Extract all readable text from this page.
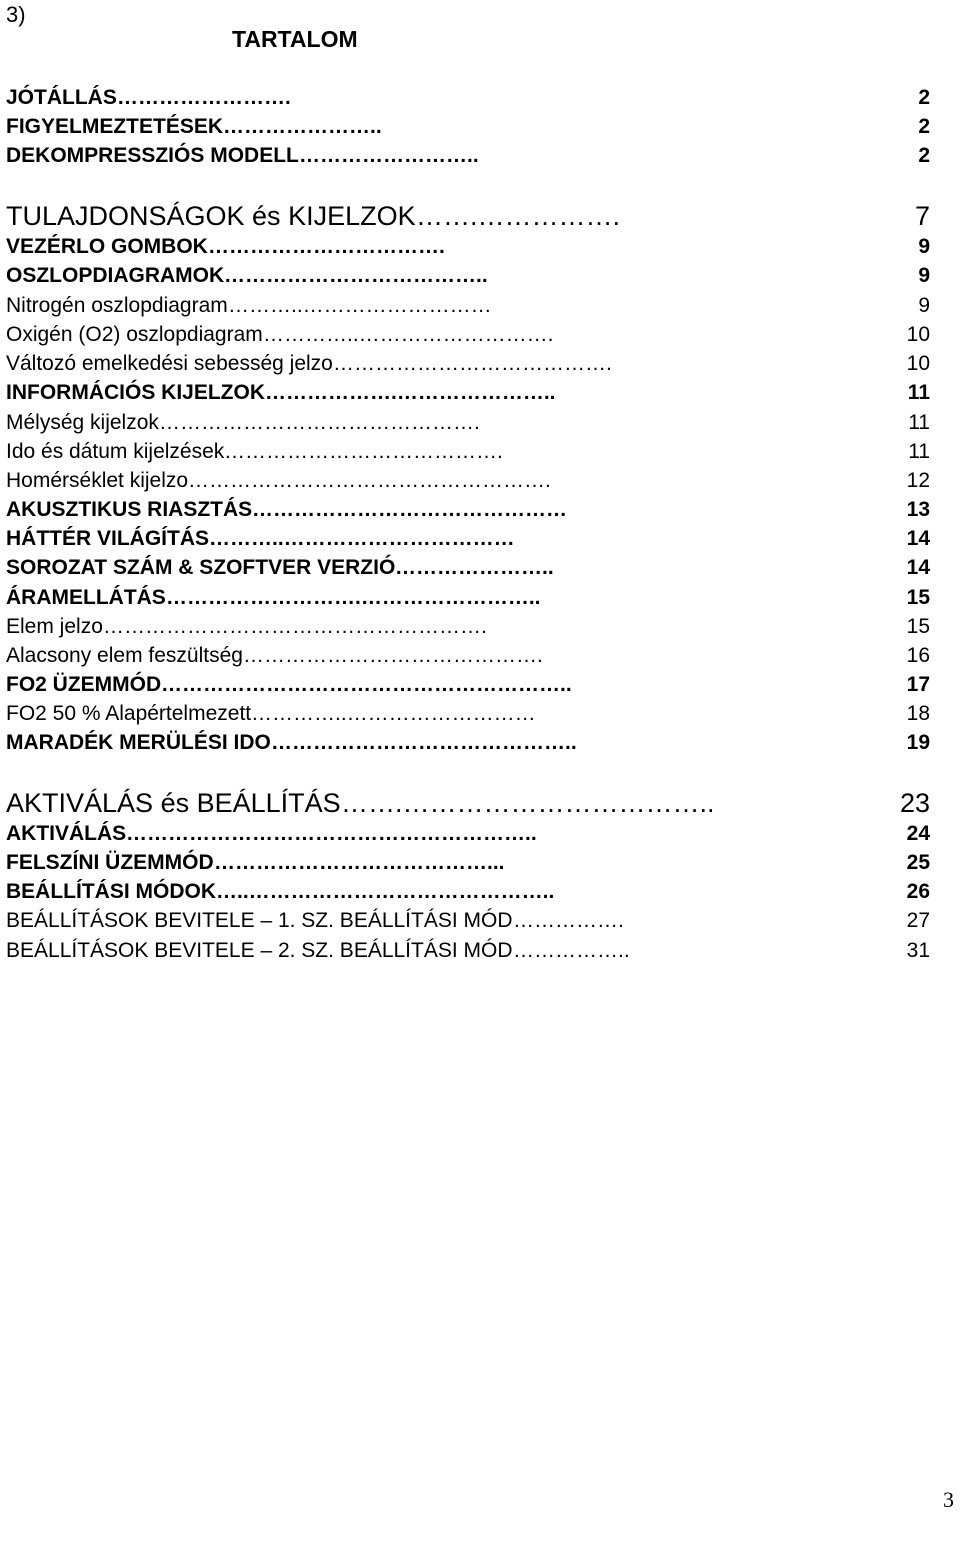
3)
TARTALOM
JÓTÁLLÁS …………………….	2
FIGYELMEZTETÉSEK …………………..	2
DEKOMPRESSZIÓS MODELL ……………………..	2
TULAJDONSÁGOK és KIJELZOK …….…………….	7
VEZÉRLO GOMBOK …………………………….	9
OSZLOPDIAGRAMOK ………………………………..	9
Nitrogén oszlopdiagram ………..………………………	9
Oxigén (O2) oszlopdiagram …………..……………………….	10
Változó emelkedési sebesség jelzo ………………………………….	10
INFORMÁCIÓS KIJELZOK ……………….…………………..	11
Mélység kijelzok ……………………………………….	11
Ido és dátum kijelzések ………………………………….	11
Homérséklet kijelzo …………………………………………….	12
AKUSZTIKUS RIASZTÁS ………………………………………	13
HÁTTÉR VILÁGÍTÁS ………..……………………………	14
SOROZAT SZÁM & SZOFTVER VERZIÓ …………………..	14
ÁRAMELLÁTÁS ……………………….……………………..	15
Elem jelzo ……………………………………………….	15
Alacsony elem feszültség …………………………………….	16
FO2 ÜZEMMÓD …………………………………………………..	17
FO2 50 % Alapértelmezett …………..………………………	18
MARADÉK MERÜLÉSI IDO ……………………………………..	19
AKTIVÁLÁS és BEÁLLÍTÁS …….……………………………..	23
AKTIVÁLÁS …………………………………………………..	24
FELSZÍNI ÜZEMMÓD …………………………………...	25
BEÁLLÍTÁSI MÓDOK …..……………………………………..	26
BEÁLLÍTÁSOK BEVITELE – 1. SZ. BEÁLLÍTÁSI MÓD …………….	27
BEÁLLÍTÁSOK BEVITELE – 2. SZ. BEÁLLÍTÁSI MÓD ……………..	31
3
